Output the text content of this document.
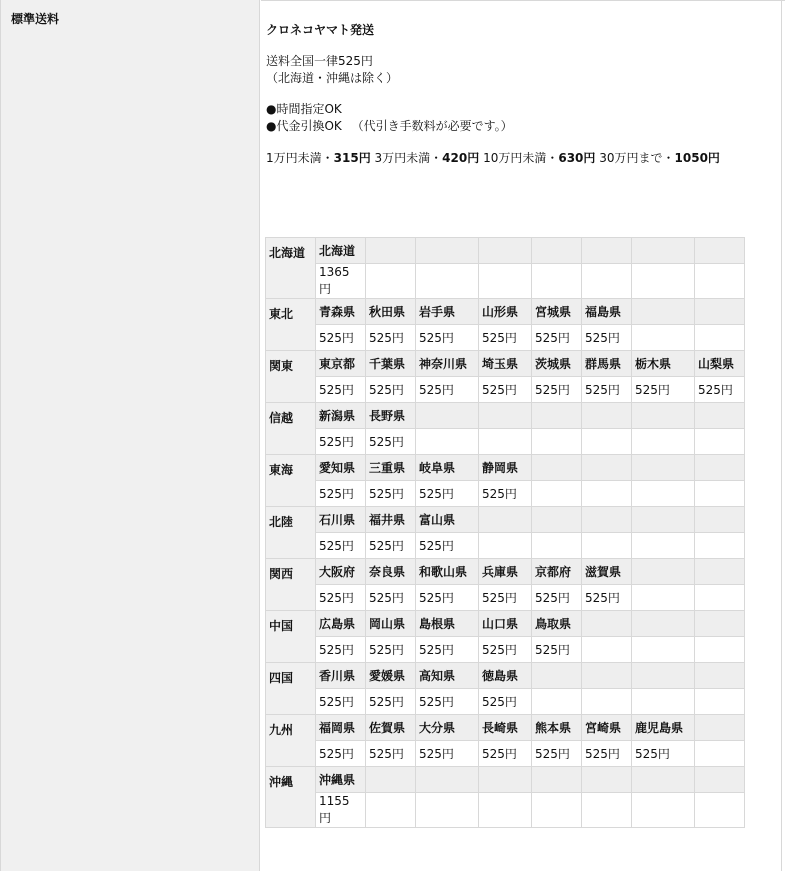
標準送料
クロネコヤマト発送
送料全国一律525円
（北海道・沖縄は除く）
●時間指定OK
●代金引換OK （代引き手数料が必要です。）
1万円未満・315円 3万円未満・420円 10万円未満・630円 30万円まで・1050円
北海道	北海道							
	1365
円							
東北	青森県	秋田県	岩手県	山形県	宮城県	福島県		
	525円	525円	525円	525円	525円	525円		
関東	東京都	千葉県	神奈川県	埼玉県	茨城県	群馬県	栃木県	山梨県
	525円	525円	525円	525円	525円	525円	525円	525円
信越	新潟県	長野県						
	525円	525円						
東海	愛知県	三重県	岐阜県	静岡県				
	525円	525円	525円	525円				
北陸	石川県	福井県	富山県					
	525円	525円	525円					
関西	大阪府	奈良県	和歌山県	兵庫県	京都府	滋賀県		
	525円	525円	525円	525円	525円	525円		
中国	広島県	岡山県	島根県	山口県	鳥取県			
	525円	525円	525円	525円	525円			
四国	香川県	愛媛県	高知県	徳島県				
	525円	525円	525円	525円				
九州	福岡県	佐賀県	大分県	長崎県	熊本県	宮崎県	鹿児島県	
	525円	525円	525円	525円	525円	525円	525円	
沖縄	沖縄県							
	1155
円							
